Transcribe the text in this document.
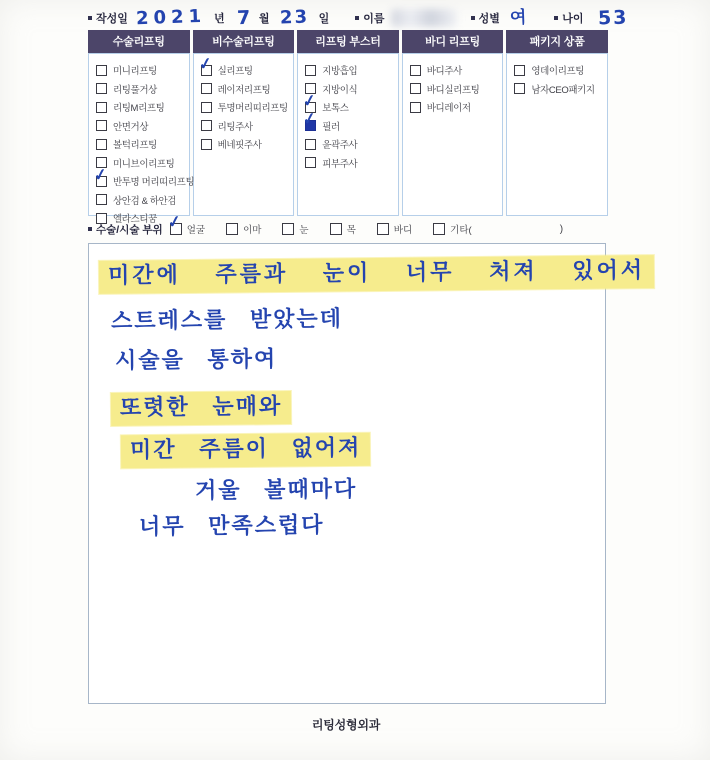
작성일 2021 년 7 월 23 일	이름	성별 여	나이 53
수술리프팅
미니리프팅
리팅풀거상
리팅M리프팅
안면거상
볼턱리프팅
미니브이리프팅
✓ 반투명 머리띠리프팅
상안검 & 하안검
엘라스티꿈
비수술리프팅
✓ 실리프팅
레이저리프팅
투명머리띠리프팅
리팅주사
베네핏주사
리프팅 부스터
지방흡입
지방이식
✓ 보톡스
✓ 필러
윤곽주사
피부주사
바디 리프팅
바디주사
바디실리프팅
바디레이저
패키지 상품
영데이리프팅
남자CEO패키지
수술/시술 부위 ✓ 얼굴	이마	눈	목	바디	기타(	)
미간에 주름과 눈이 너무 처져 있어서
스트레스를 받았는데
시술을 통하여
또렷한 눈매와
미간 주름이 없어져
거울 볼때마다
너무 만족스럽다
리팅성형외과
